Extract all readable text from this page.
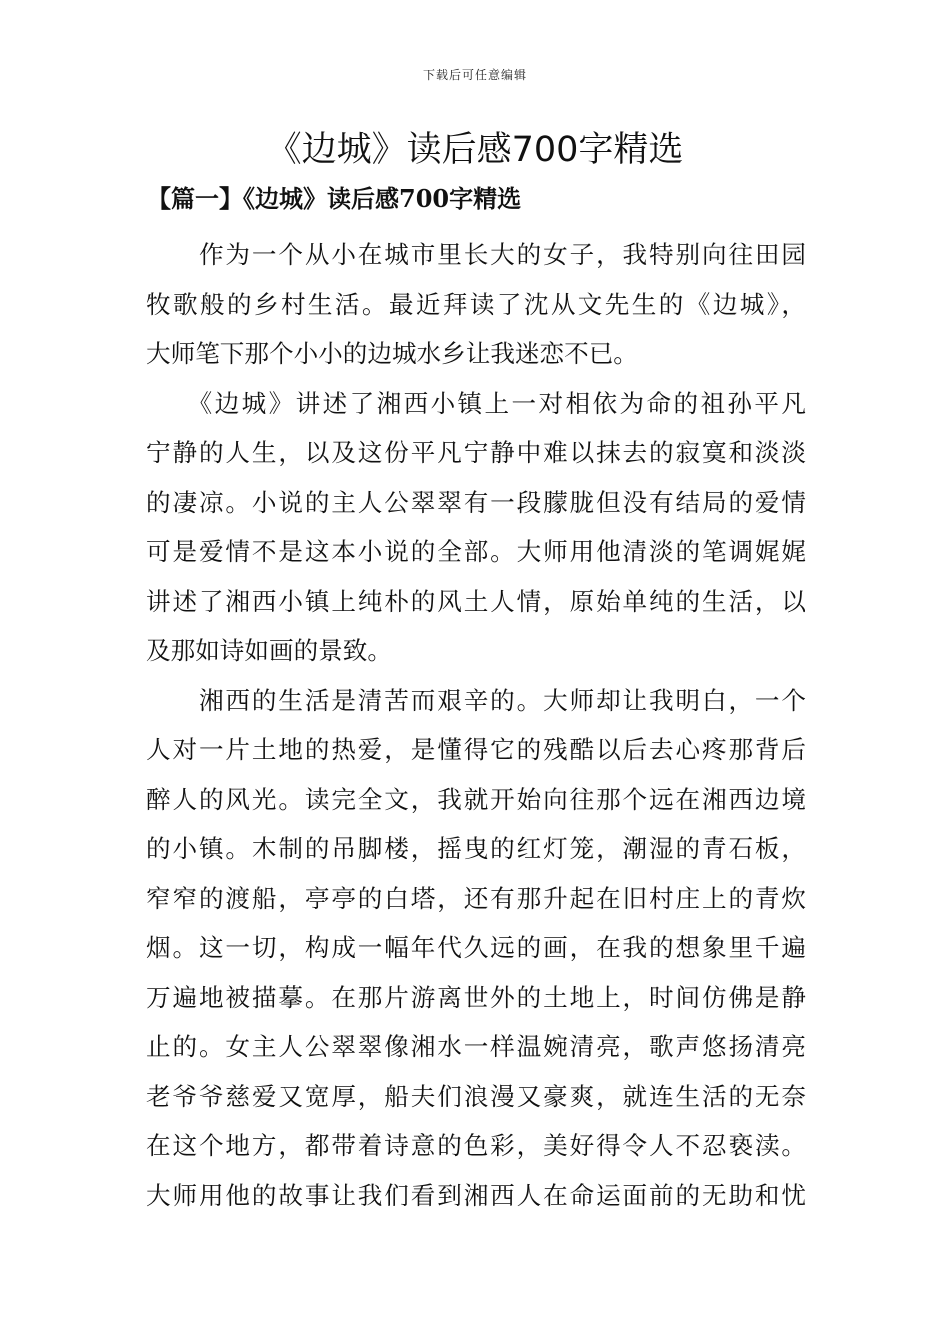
下载后可任意编辑
《边城》读后感700字精选
【篇一】《边城》读后感700字精选

　　作为一个从小在城市里长大的女子，我特别向往田园
牧歌般的乡村生活。最近拜读了沈从文先生的《边城》，
大师笔下那个小小的边城水乡让我迷恋不已。

　　《边城》讲述了湘西小镇上一对相依为命的祖孙平凡
宁静的人生，以及这份平凡宁静中难以抹去的寂寞和淡淡
的凄凉。小说的主人公翠翠有一段朦胧但没有结局的爱情
可是爱情不是这本小说的全部。大师用他清淡的笔调娓娓
讲述了湘西小镇上纯朴的风土人情，原始单纯的生活，以
及那如诗如画的景致。

　　湘西的生活是清苦而艰辛的。大师却让我明白，一个
人对一片土地的热爱，是懂得它的残酷以后去心疼那背后
醉人的风光。读完全文，我就开始向往那个远在湘西边境
的小镇。木制的吊脚楼，摇曳的红灯笼，潮湿的青石板，
窄窄的渡船，亭亭的白塔，还有那升起在旧村庄上的青炊
烟。这一切，构成一幅年代久远的画，在我的想象里千遍
万遍地被描摹。在那片游离世外的土地上，时间仿佛是静
止的。女主人公翠翠像湘水一样温婉清亮，歌声悠扬清亮
老爷爷慈爱又宽厚，船夫们浪漫又豪爽，就连生活的无奈
在这个地方，都带着诗意的色彩，美好得令人不忍亵渎。
大师用他的故事让我们看到湘西人在命运面前的无助和忧
